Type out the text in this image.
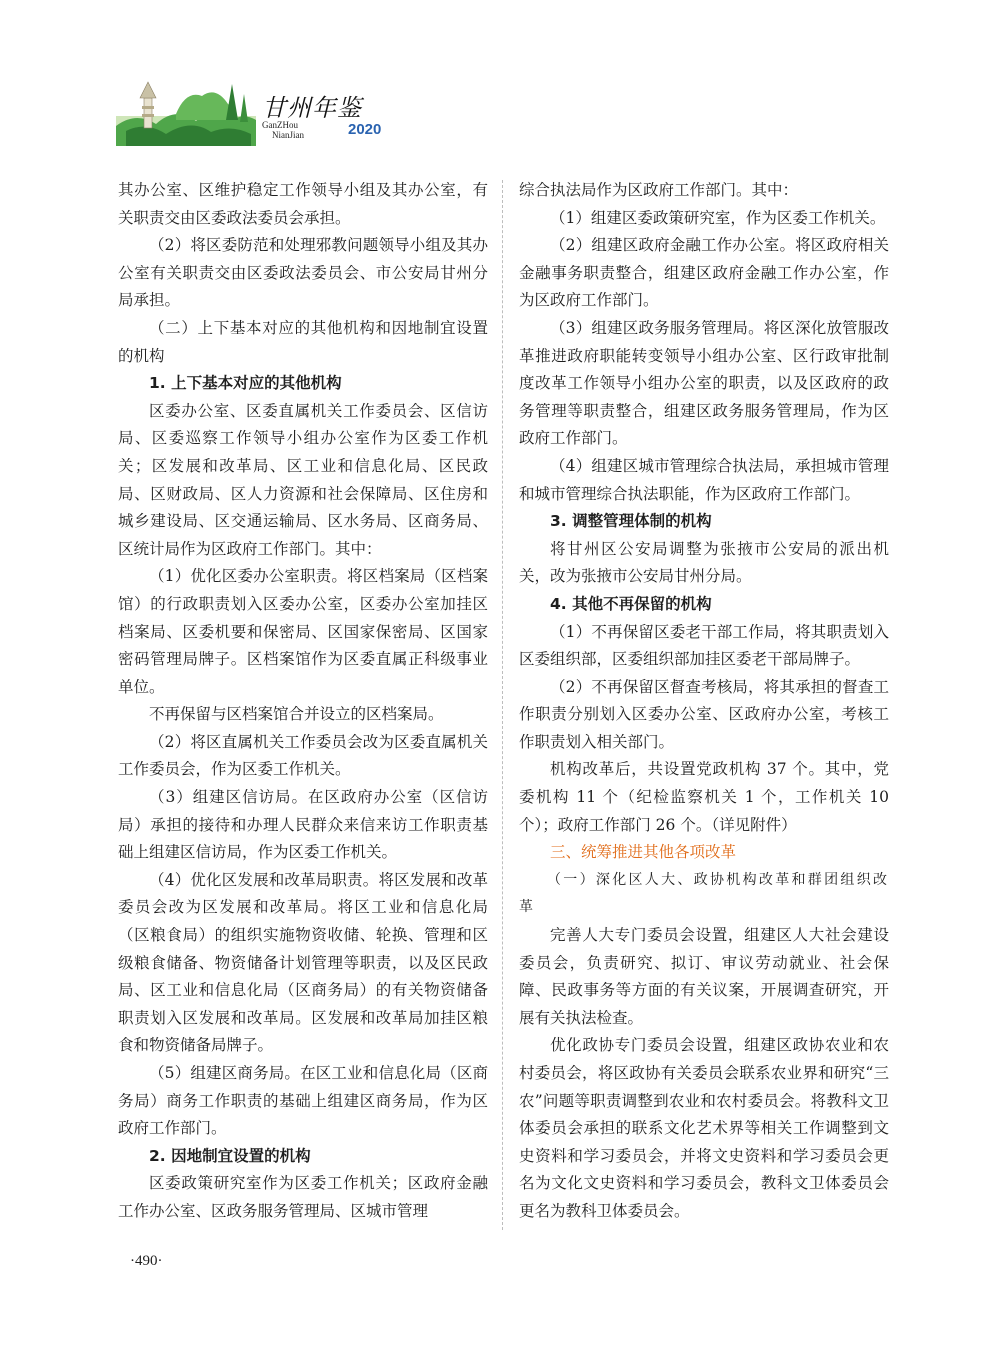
甘州年鉴
GanZHou
NianJian	2020

其办公室、区维护稳定工作领导小组及其办公室，有关职责交由区委政法委员会承担。

（2）将区委防范和处理邪教问题领导小组及其办公室有关职责交由区委政法委员会、市公安局甘州分局承担。

（二）上下基本对应的其他机构和因地制宜设置的机构

1. 上下基本对应的其他机构

区委办公室、区委直属机关工作委员会、区信访局、区委巡察工作领导小组办公室作为区委工作机关；区发展和改革局、区工业和信息化局、区民政局、区财政局、区人力资源和社会保障局、区住房和城乡建设局、区交通运输局、区水务局、区商务局、区统计局作为区政府工作部门。其中：

（1）优化区委办公室职责。将区档案局（区档案馆）的行政职责划入区委办公室，区委办公室加挂区档案局、区委机要和保密局、区国家保密局、区国家密码管理局牌子。区档案馆作为区委直属正科级事业单位。

不再保留与区档案馆合并设立的区档案局。

（2）将区直属机关工作委员会改为区委直属机关工作委员会，作为区委工作机关。

（3）组建区信访局。在区政府办公室（区信访局）承担的接待和办理人民群众来信来访工作职责基础上组建区信访局，作为区委工作机关。

（4）优化区发展和改革局职责。将区发展和改革委员会改为区发展和改革局。将区工业和信息化局（区粮食局）的组织实施物资收储、轮换、管理和区级粮食储备、物资储备计划管理等职责，以及区民政局、区工业和信息化局（区商务局）的有关物资储备职责划入区发展和改革局。区发展和改革局加挂区粮食和物资储备局牌子。

（5）组建区商务局。在区工业和信息化局（区商务局）商务工作职责的基础上组建区商务局，作为区政府工作部门。

2. 因地制宜设置的机构

区委政策研究室作为区委工作机关；区政府金融工作办公室、区政务服务管理局、区城市管理

综合执法局作为区政府工作部门。其中：

（1）组建区委政策研究室，作为区委工作机关。

（2）组建区政府金融工作办公室。将区政府相关金融事务职责整合，组建区政府金融工作办公室，作为区政府工作部门。

（3）组建区政务服务管理局。将区深化放管服改革推进政府职能转变领导小组办公室、区行政审批制度改革工作领导小组办公室的职责，以及区政府的政务管理等职责整合，组建区政务服务管理局，作为区政府工作部门。

（4）组建区城市管理综合执法局，承担城市管理和城市管理综合执法职能，作为区政府工作部门。

3. 调整管理体制的机构

将甘州区公安局调整为张掖市公安局的派出机关，改为张掖市公安局甘州分局。

4. 其他不再保留的机构

（1）不再保留区委老干部工作局，将其职责划入区委组织部，区委组织部加挂区委老干部局牌子。

（2）不再保留区督查考核局，将其承担的督查工作职责分别划入区委办公室、区政府办公室，考核工作职责划入相关部门。

机构改革后，共设置党政机构 37 个。其中，党委机构 11 个（纪检监察机关 1 个，工作机关 10 个）；政府工作部门 26 个。（详见附件）

三、统筹推进其他各项改革

（一）深化区人大、政协机构改革和群团组织改革

完善人大专门委员会设置，组建区人大社会建设委员会，负责研究、拟订、审议劳动就业、社会保障、民政事务等方面的有关议案，开展调查研究，开展有关执法检查。

优化政协专门委员会设置，组建区政协农业和农村委员会，将区政协有关委员会联系农业界和研究“三农”问题等职责调整到农业和农村委员会。将教科文卫体委员会承担的联系文化艺术界等相关工作调整到文史资料和学习委员会，并将文史资料和学习委员会更名为文化文史资料和学习委员会，教科文卫体委员会更名为教科卫体委员会。

·490·
